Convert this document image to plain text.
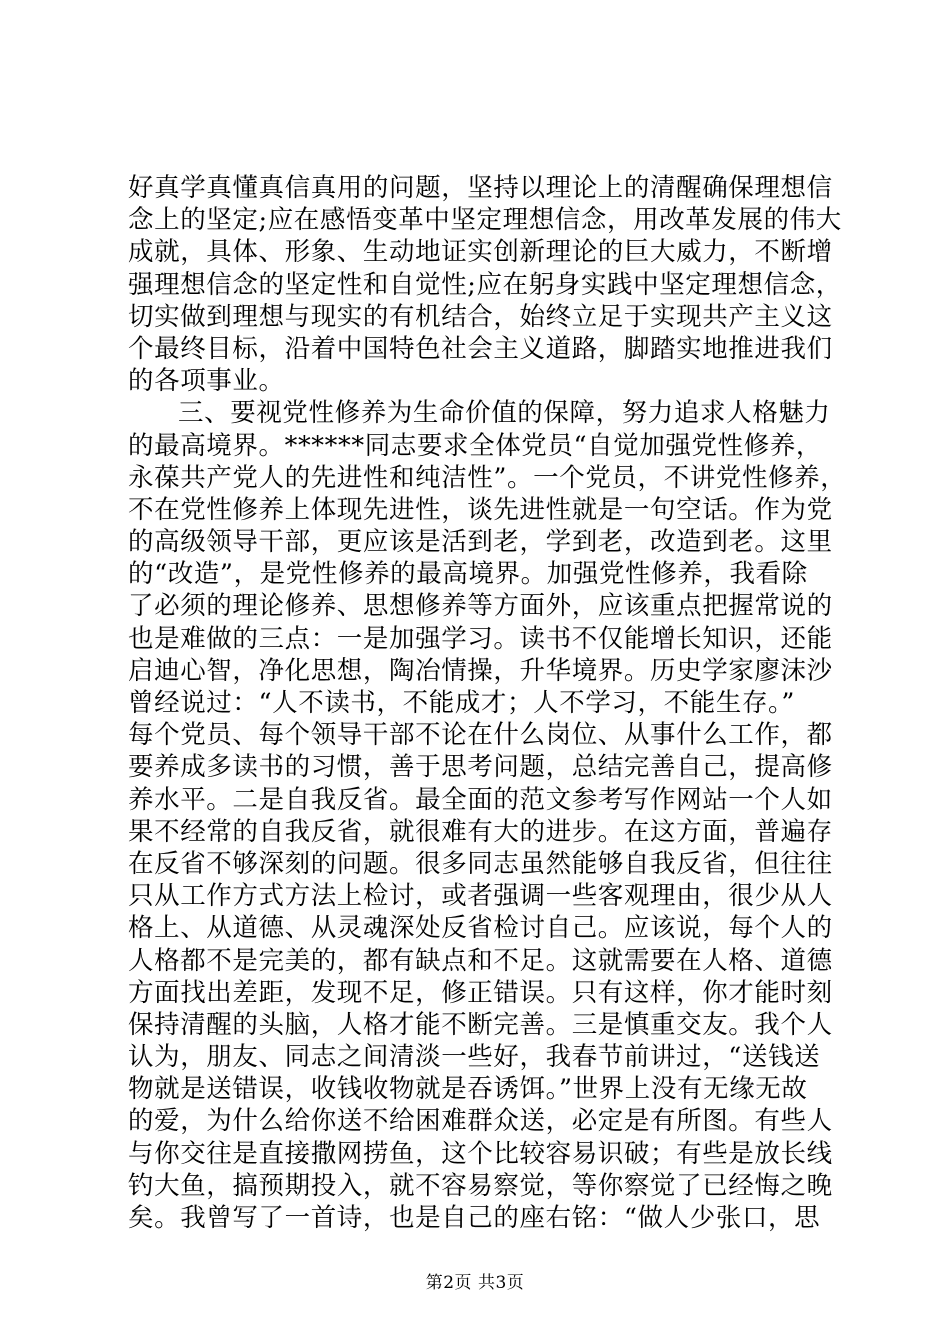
好真学真懂真信真用的问题，坚持以理论上的清醒确保理想信
念上的坚定;应在感悟变革中坚定理想信念，用改革发展的伟大
成就，具体、形象、生动地证实创新理论的巨大威力，不断增
强理想信念的坚定性和自觉性;应在躬身实践中坚定理想信念，
切实做到理想与现实的有机结合，始终立足于实现共产主义这
个最终目标，沿着中国特色社会主义道路，脚踏实地推进我们
的各项事业。
三、要视党性修养为生命价值的保障，努力追求人格魅力
的最高境界。******同志要求全体党员“自觉加强党性修养，
永葆共产党人的先进性和纯洁性”。一个党员，不讲党性修养，
不在党性修养上体现先进性，谈先进性就是一句空话。作为党
的高级领导干部，更应该是活到老，学到老，改造到老。这里
的“改造”，是党性修养的最高境界。加强党性修养，我看除
了必须的理论修养、思想修养等方面外，应该重点把握常说的
也是难做的三点：一是加强学习。读书不仅能增长知识，还能
启迪心智，净化思想，陶冶情操，升华境界。历史学家廖沫沙
曾经说过：“人不读书，不能成才；人不学习，不能生存。”
每个党员、每个领导干部不论在什么岗位、从事什么工作，都
要养成多读书的习惯，善于思考问题，总结完善自己，提高修
养水平。二是自我反省。最全面的范文参考写作网站一个人如
果不经常的自我反省，就很难有大的进步。在这方面，普遍存
在反省不够深刻的问题。很多同志虽然能够自我反省，但往往
只从工作方式方法上检讨，或者强调一些客观理由，很少从人
格上、从道德、从灵魂深处反省检讨自己。应该说，每个人的
人格都不是完美的，都有缺点和不足。这就需要在人格、道德
方面找出差距，发现不足，修正错误。只有这样，你才能时刻
保持清醒的头脑，人格才能不断完善。三是慎重交友。我个人
认为，朋友、同志之间清淡一些好，我春节前讲过，“送钱送
物就是送错误，收钱收物就是吞诱饵。”世界上没有无缘无故
的爱，为什么给你送不给困难群众送，必定是有所图。有些人
与你交往是直接撒网捞鱼，这个比较容易识破；有些是放长线
钓大鱼，搞预期投入，就不容易察觉，等你察觉了已经悔之晚
矣。我曾写了一首诗，也是自己的座右铭：“做人少张口，思
第2页 共3页
